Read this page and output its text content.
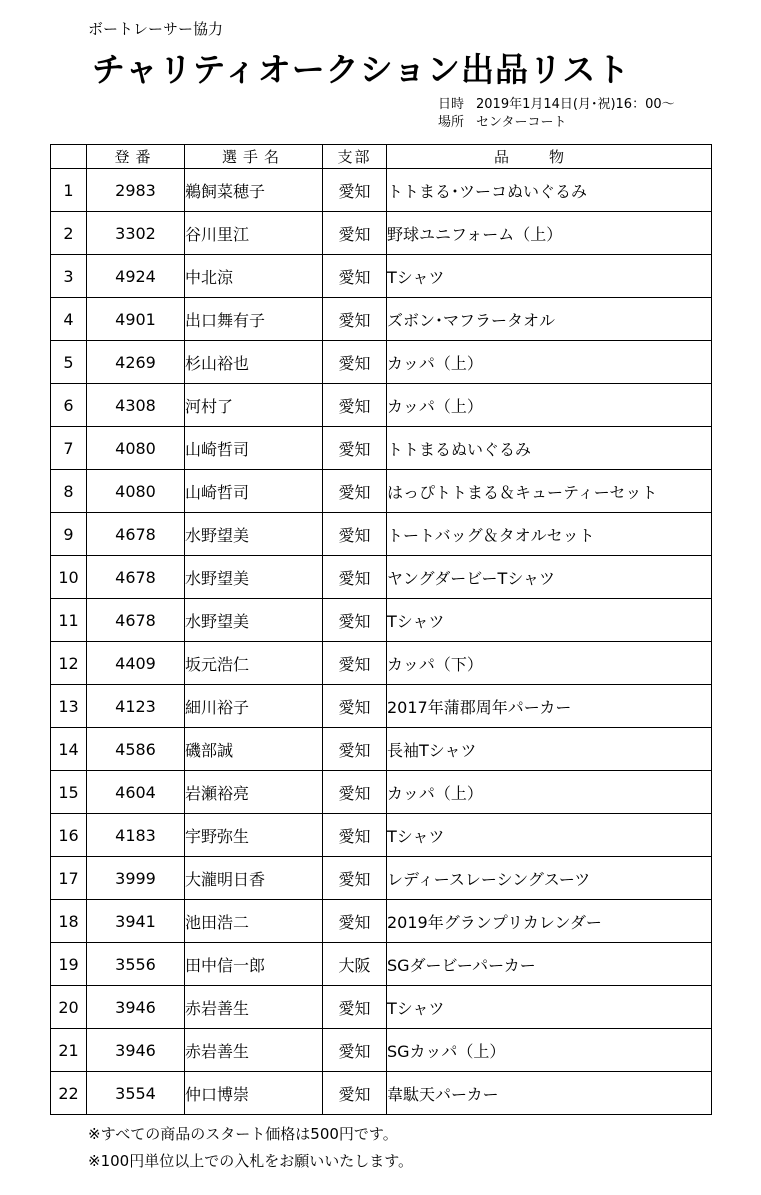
ボートレーサー協力
チャリティオークション出品リスト
日時 2019年1月14日(月･祝)16：00～
場所 センターコート
	登番	選手名	支部	品物
1	2983	鵜飼菜穂子	愛知	トトまる･ツーコぬいぐるみ
2	3302	谷川里江	愛知	野球ユニフォーム（上）
3	4924	中北涼	愛知	Tシャツ
4	4901	出口舞有子	愛知	ズボン･マフラータオル
5	4269	杉山裕也	愛知	カッパ（上）
6	4308	河村了	愛知	カッパ（上）
7	4080	山崎哲司	愛知	トトまるぬいぐるみ
8	4080	山崎哲司	愛知	はっぴトトまる＆キューティーセット
9	4678	水野望美	愛知	トートバッグ＆タオルセット
10	4678	水野望美	愛知	ヤングダービーTシャツ
11	4678	水野望美	愛知	Tシャツ
12	4409	坂元浩仁	愛知	カッパ（下）
13	4123	細川裕子	愛知	2017年蒲郡周年パーカー
14	4586	磯部誠	愛知	長袖Tシャツ
15	4604	岩瀬裕亮	愛知	カッパ（上）
16	4183	宇野弥生	愛知	Tシャツ
17	3999	大瀧明日香	愛知	レディースレーシングスーツ
18	3941	池田浩二	愛知	2019年グランプリカレンダー
19	3556	田中信一郎	大阪	SGダービーパーカー
20	3946	赤岩善生	愛知	Tシャツ
21	3946	赤岩善生	愛知	SGカッパ（上）
22	3554	仲口博崇	愛知	韋駄天パーカー
※すべての商品のスタート価格は500円です。
※100円単位以上での入札をお願いいたします。
